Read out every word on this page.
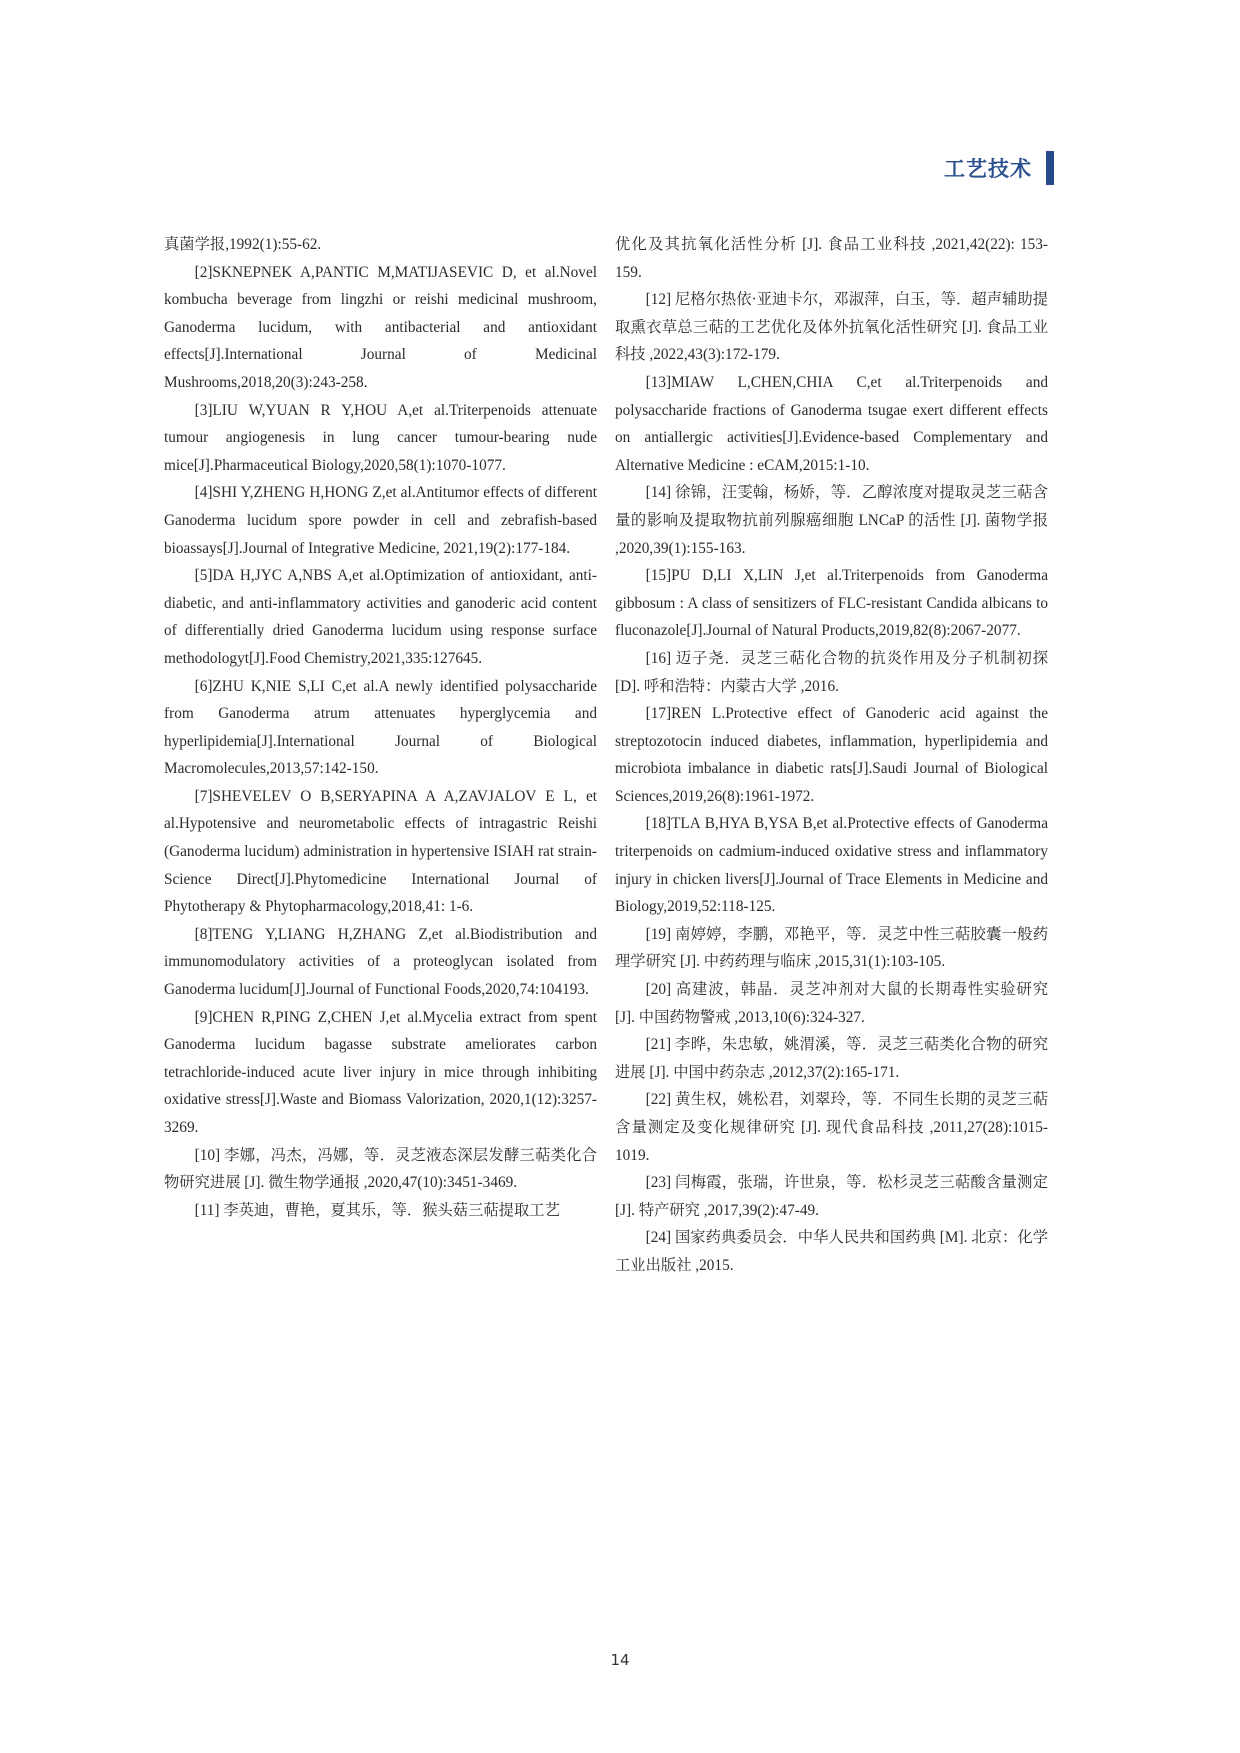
工艺技术

真菌学报,1992(1):55-62.

[2]SKNEPNEK A,PANTIC M,MATIJASEVIC D, et al.Novel kombucha beverage from lingzhi or reishi medicinal mushroom, Ganoderma lucidum, with antibacterial and antioxidant effects[J].International Journal of Medicinal Mushrooms,2018,20(3):243-258.

[3]LIU W,YUAN R Y,HOU A,et al.Triterpenoids attenuate tumour angiogenesis in lung cancer tumour-bearing nude mice[J].Pharmaceutical Biology,2020,58(1):1070-1077.

[4]SHI Y,ZHENG H,HONG Z,et al.Antitumor effects of different Ganoderma lucidum spore powder in cell and zebrafish-based bioassays[J].Journal of Integrative Medicine, 2021,19(2):177-184.

[5]DA H,JYC A,NBS A,et al.Optimization of antioxidant, anti-diabetic, and anti-inflammatory activities and ganoderic acid content of differentially dried Ganoderma lucidum using response surface methodologyt[J].Food Chemistry,2021,335:127645.

[6]ZHU K,NIE S,LI C,et al.A newly identified polysaccharide from Ganoderma atrum attenuates hyperglycemia and hyperlipidemia[J].International Journal of Biological Macromolecules,2013,57:142-150.

[7]SHEVELEV O B,SERYAPINA A A,ZAVJALOV E L, et al.Hypotensive and neurometabolic effects of intragastric Reishi (Ganoderma lucidum) administration in hypertensive ISIAH rat strain-Science Direct[J].Phytomedicine International Journal of Phytotherapy & Phytopharmacology,2018,41: 1-6.

[8]TENG Y,LIANG H,ZHANG Z,et al.Biodistribution and immunomodulatory activities of a proteoglycan isolated from Ganoderma lucidum[J].Journal of Functional Foods,2020,74:104193.

[9]CHEN R,PING Z,CHEN J,et al.Mycelia extract from spent Ganoderma lucidum bagasse substrate ameliorates carbon tetrachloride-induced acute liver injury in mice through inhibiting oxidative stress[J].Waste and Biomass Valorization, 2020,1(12):3257-3269.

[10] 李娜，冯杰，冯娜，等．灵芝液态深层发酵三萜类化合物研究进展 [J]. 微生物学通报 ,2020,47(10):3451-3469.

[11] 李英迪，曹艳，夏其乐，等．猴头菇三萜提取工艺

优化及其抗氧化活性分析 [J]. 食品工业科技 ,2021,42(22): 153-159.

[12] 尼格尔热依·亚迪卡尔，邓淑萍，白玉，等．超声辅助提取熏衣草总三萜的工艺优化及体外抗氧化活性研究 [J]. 食品工业科技 ,2022,43(3):172-179.

[13]MIAW L,CHEN,CHIA C,et al.Triterpenoids and polysaccharide fractions of Ganoderma tsugae exert different effects on antiallergic activities[J].Evidence-based Complementary and Alternative Medicine : eCAM,2015:1-10.

[14] 徐锦，汪雯翰，杨娇，等．乙醇浓度对提取灵芝三萜含量的影响及提取物抗前列腺癌细胞 LNCaP 的活性 [J]. 菌物学报 ,2020,39(1):155-163.

[15]PU D,LI X,LIN J,et al.Triterpenoids from Ganoderma gibbosum : A class of sensitizers of FLC-resistant Candida albicans to fluconazole[J].Journal of Natural Products,2019,82(8):2067-2077.

[16] 迈子尧．灵芝三萜化合物的抗炎作用及分子机制初探 [D]. 呼和浩特：内蒙古大学 ,2016.

[17]REN L.Protective effect of Ganoderic acid against the streptozotocin induced diabetes, inflammation, hyperlipidemia and microbiota imbalance in diabetic rats[J].Saudi Journal of Biological Sciences,2019,26(8):1961-1972.

[18]TLA B,HYA B,YSA B,et al.Protective effects of Ganoderma triterpenoids on cadmium-induced oxidative stress and inflammatory injury in chicken livers[J].Journal of Trace Elements in Medicine and Biology,2019,52:118-125.

[19] 南婷婷，李鹏，邓艳平，等．灵芝中性三萜胶囊一般药理学研究 [J]. 中药药理与临床 ,2015,31(1):103-105.

[20] 高建波，韩晶．灵芝冲剂对大鼠的长期毒性实验研究 [J]. 中国药物警戒 ,2013,10(6):324-327.

[21] 李晔，朱忠敏，姚渭溪，等．灵芝三萜类化合物的研究进展 [J]. 中国中药杂志 ,2012,37(2):165-171.

[22] 黄生权，姚松君，刘翠玲，等．不同生长期的灵芝三萜含量测定及变化规律研究 [J]. 现代食品科技 ,2011,27(28):1015-1019.

[23] 闫梅霞，张瑞，许世泉，等．松杉灵芝三萜酸含量测定 [J]. 特产研究 ,2017,39(2):47-49.

[24] 国家药典委员会．中华人民共和国药典 [M]. 北京：化学工业出版社 ,2015.

14
